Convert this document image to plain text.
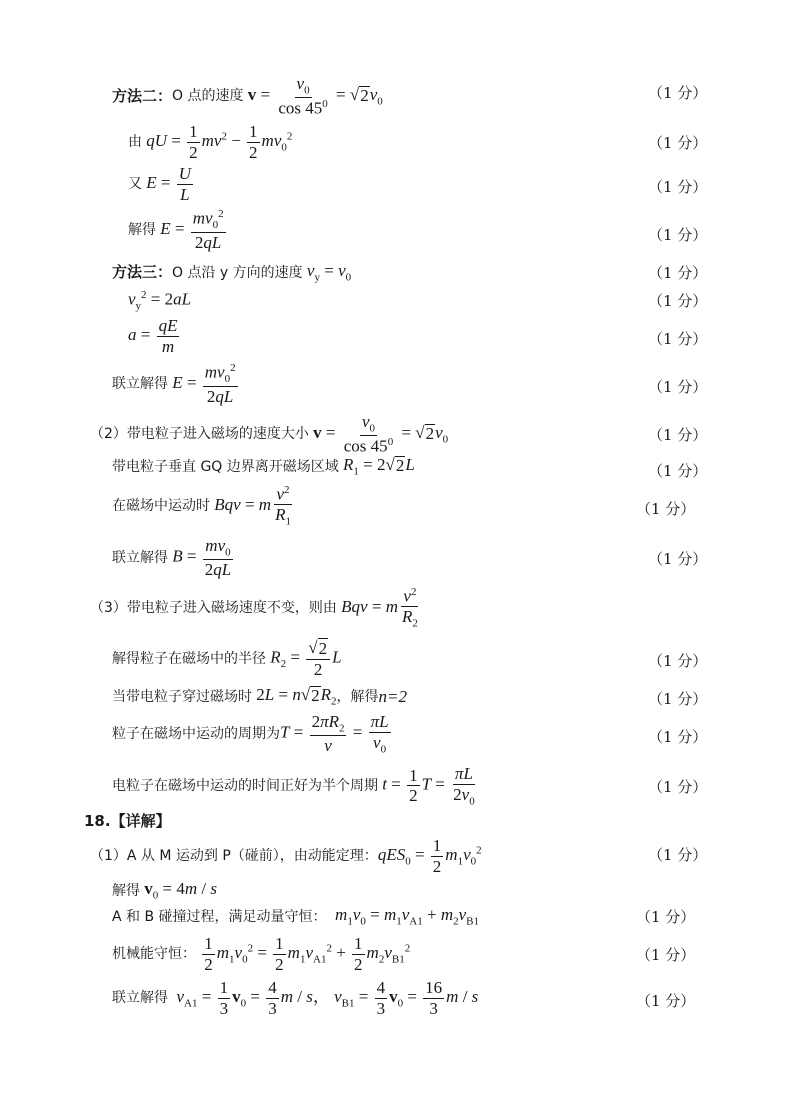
方法二： O 点的速度 $v = \frac{v_0}{\cos 45^0}$ = √ 2 $v_0$	（1 分）
由 qU = $\frac{1}{2} mv^2 - \frac{1}{2} mv_0^2$	（1 分）
又 $E = \frac{U}{L}$	（1 分）
解得 $E = \frac{mv_0^2}{2qL}$	（1 分）
方法三： O 点沿 y 方向的速度 $v_y = v_0$	（1 分）
$v_y^2 = 2aL$	（1 分）
$a = \frac{qE}{m}$	（1 分）
联立解得 $E = \frac{mv_0^2}{2qL}$	（1 分）
（2）带电粒子进入磁场的速度大小 $v = \frac{v_0}{\cos 45^0}$ = √ 2 $v_0$	（1 分）
带电粒子垂直 GQ 边界离开磁场区域 $R_1 = 2√$ 2 L	（1 分）
在磁场中运动时 Bqv = m $\frac{v^2}{R_1}$	（1 分）
联立解得 $B = \frac{mv_0}{2qL}$	（1 分）
（3）带电粒子进入磁场速度不变，则由 Bqv = m $\frac{v^2}{R_2}$
解得粒子在磁场中的半径 $R_2 = \frac{√ 2}{2}$ L	（1 分）
当带电粒子穿过磁场时 2L = n√ 2 $R_2$ ，解得 n=2	（1 分）
粒子在磁场中运动的周期为 $T = \frac{2\pi R_2}{v} = \frac{\pi L}{v_0}$	（1 分）
电粒子在磁场中运动的时间正好为半个周期 $t = \frac{1}{2}$ $T = \frac{\pi L}{2v_0}$	（1 分）
18.【详解】
（1）A 从 M 运动到 P（碰前），由动能定理： $qES_0 = \frac{1}{2} m_1v_0^2$	（1 分）
解得 $v_0 = 4m / s$
A 和 B 碰撞过程，满足动量守恒： $m_1v_0 = m_1v_{A1} + m_2v_{B1}$	（1 分）
机械能守恒：
$\frac{1}{2} m_1v_0^2 = \frac{1}{2} m_1v_{A1}^2 + \frac{1}{2} m_2v_{B1}^2$	（1 分）
联立解得 $v_{A1} = \frac{1}{3} v_0 = \frac{4}{3}$ m / s， $v_{B1} = \frac{4}{3} v_0 = \frac{16}{3}$ m / s	（1 分）
